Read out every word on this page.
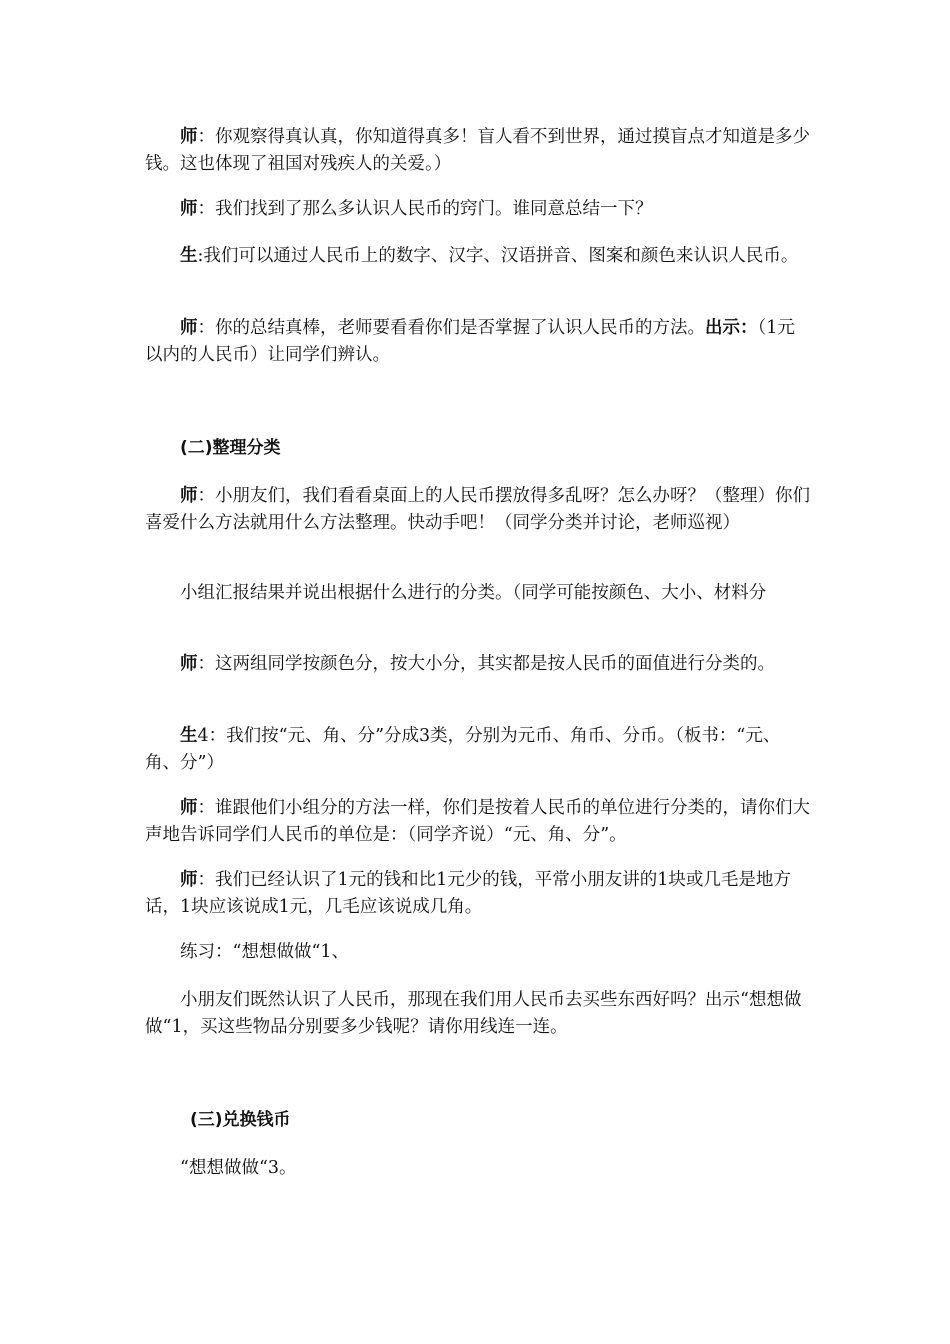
师：你观察得真认真，你知道得真多！盲人看不到世界，通过摸盲点才知道是多少钱。这也体现了祖国对残疾人的关爱。）

师：我们找到了那么多认识人民币的窍门。谁同意总结一下？

生:我们可以通过人民币上的数字、汉字、汉语拼音、图案和颜色来认识人民币。

师：你的总结真棒，老师要看看你们是否掌握了认识人民币的方法。出示：（1元以内的人民币）让同学们辨认。

(二)整理分类

师：小朋友们，我们看看桌面上的人民币摆放得多乱呀？怎么办呀？（整理）你们喜爱什么方法就用什么方法整理。快动手吧！（同学分类并讨论，老师巡视）

小组汇报结果并说出根据什么进行的分类。（同学可能按颜色、大小、材料分

师：这两组同学按颜色分，按大小分，其实都是按人民币的面值进行分类的。

生4：我们按“元、角、分”分成3类，分别为元币、角币、分币。（板书：“元、角、分”）

师：谁跟他们小组分的方法一样，你们是按着人民币的单位进行分类的，请你们大声地告诉同学们人民币的单位是：（同学齐说）“元、角、分”。

师：我们已经认识了1元的钱和比1元少的钱，平常小朋友讲的1块或几毛是地方话，1块应该说成1元，几毛应该说成几角。

练习：“想想做做“1、

小朋友们既然认识了人民币，那现在我们用人民币去买些东西好吗？出示“想想做做“1，买这些物品分别要多少钱呢？请你用线连一连。

(三)兑换钱币

“想想做做“3。
